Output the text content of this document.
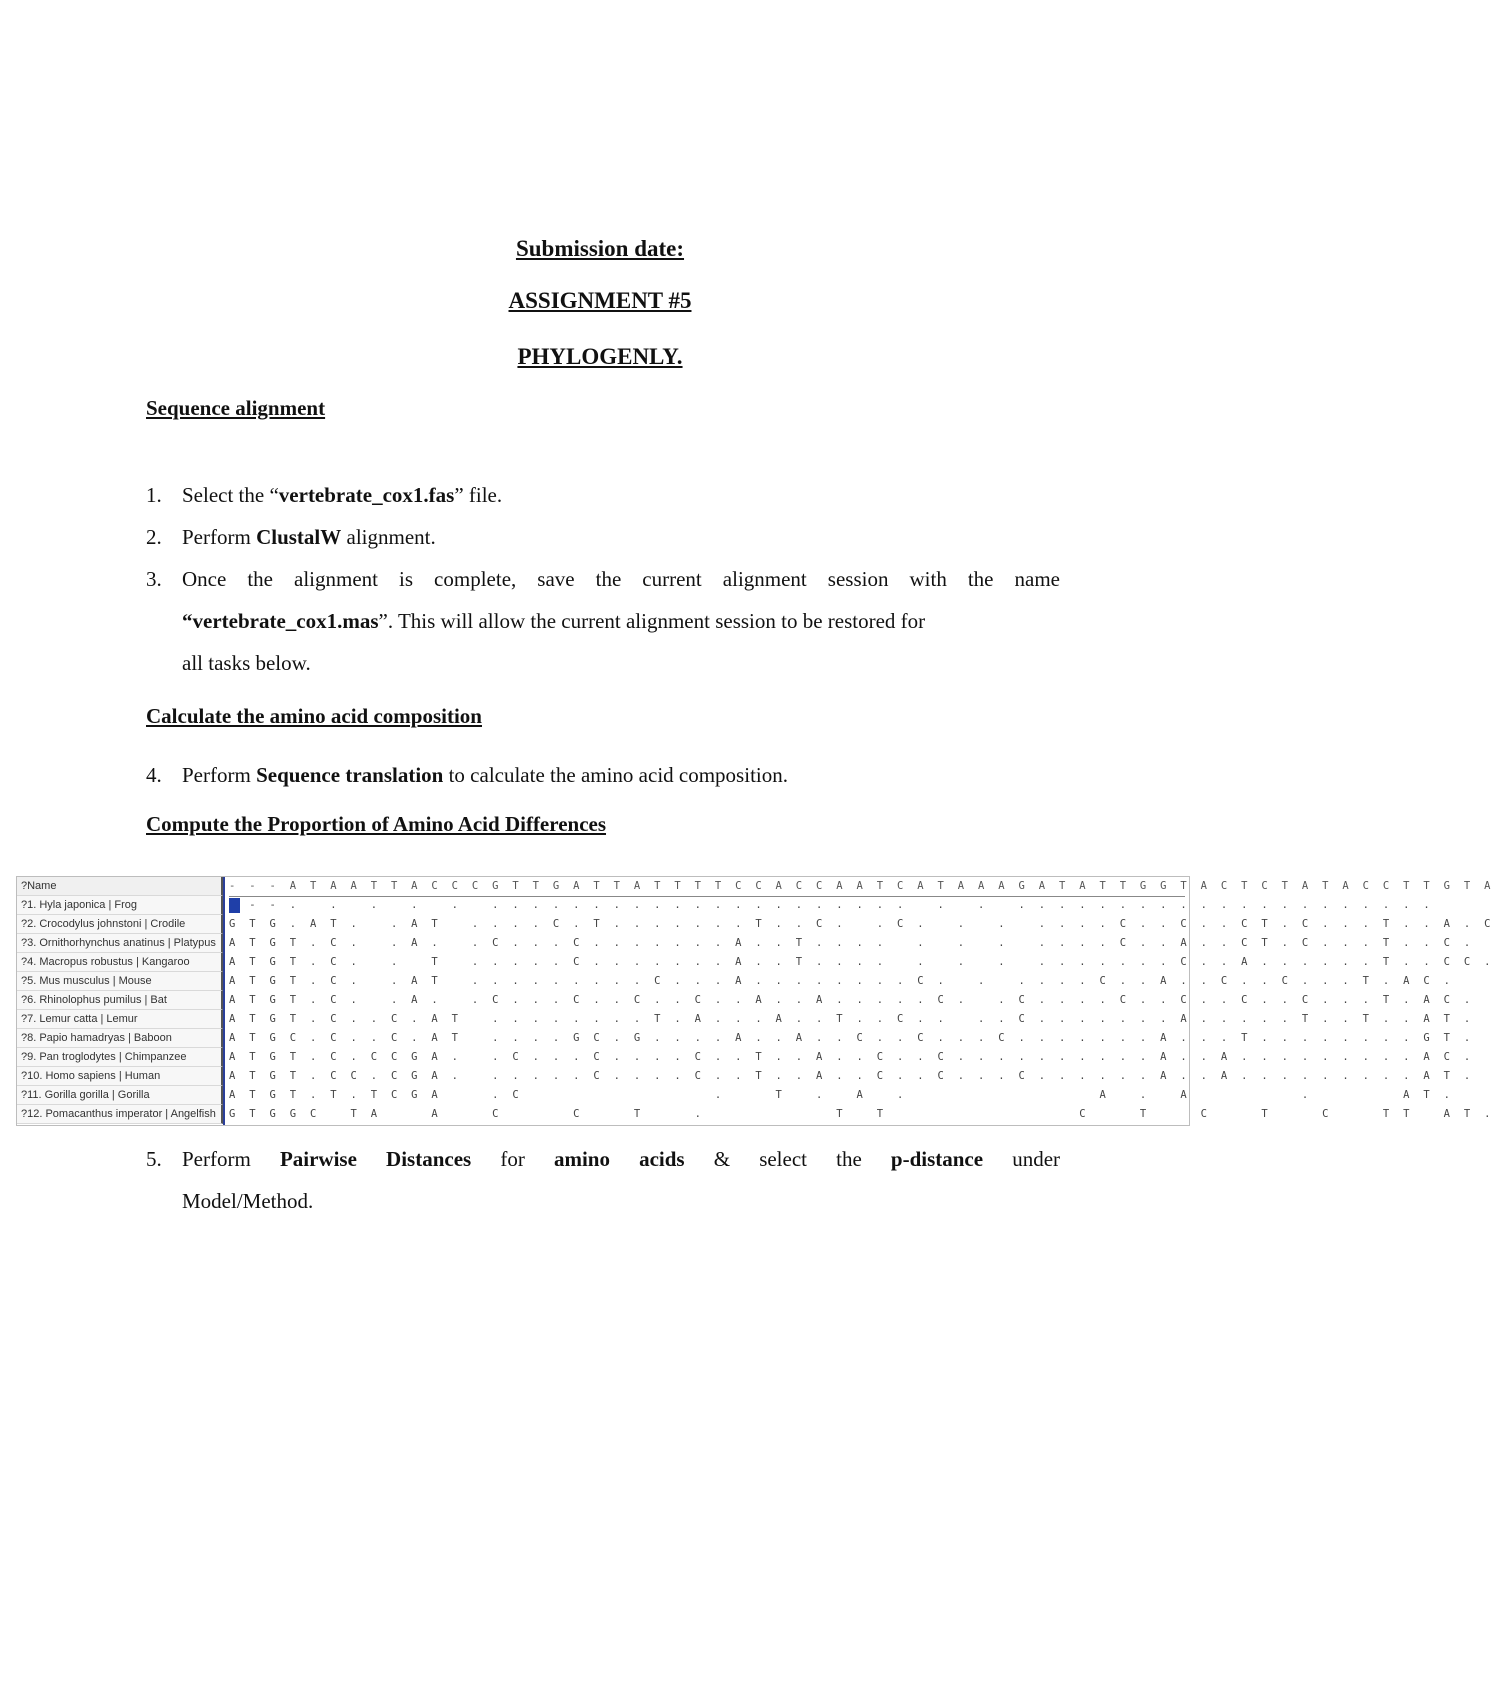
Submission date:
ASSIGNMENT #5
PHYLOGENLY.
Sequence alignment
1. Select the “vertebrate_cox1.fas” file.
2. Perform ClustalW alignment.
3. Once the alignment is complete, save the current alignment session with the name
“vertebrate_cox1.mas”. This will allow the current alignment session to be restored for
all tasks below.
Calculate the amino acid composition
4. Perform Sequence translation to calculate the amino acid composition.
Compute the Proportion of Amino Acid Differences
?Name	- - - A T A A T T A C C C G T T G A T T A T T T T C C A C C A A T C A T A A A G A T A T T G G T A C T C T A T A C C T T G T A
?1. Hyla japonica | Frog	- - .   .   .   .   .   . . . . . . . . . . . . . . . . . . . . .   .   .   . . . . . . . . . . . . . . . . . . . . .
?2. Crocodylus johnstoni | Crodile	G T G . A T .   . A T   . . . . C . T . . . . . . . T . . C .   . C .   .   .   . . . . C . . C . . C T . C . . . T . . A . C
?3. Ornithorhynchus anatinus | Platypus	A T G T . C .   . A .   . C . . . C . . . . . . . A . . T . . . .   .   .   .   . . . . C . . A . . C T . C . . . T . . C .
?4. Macropus robustus | Kangaroo	A T G T . C .   .   T   . . . . . C . . . . . . . A . . T . . . .   .   .   .   . . . . . . . C . . A . . . . . . T . . C C .
?5. Mus musculus | Mouse	A T G T . C .   . A T   . . . . . . . . . C . . . A . . . . . . . . C .   .   . . . . C . . A . . C . . C . . . T . A C .
?6. Rhinolophus pumilus | Bat	A T G T . C .   . A .   . C . . . C . . C . . C . . A . . A . . . . . C .   . C . . . . C . . C . . C . . C . . . T . A C .
?7. Lemur catta | Lemur	A T G T . C . . C . A T   . . . . . . . . T . A . . . A . . T . . C . .   . . C . . . . . . . A . . . . . T . . T . . A T .
?8. Papio hamadryas | Baboon	A T G C . C . . C . A T   . . . . G C . G . . . . A . . A . . C . . C . . . C . . . . . . . A . . . T . . . . . . . . G T .
?9. Pan troglodytes | Chimpanzee	A T G T . C . C C G A .   . C . . . C . . . . C . . T . . A . . C . . C . . . . . . . . . . A . . A . . . . . . . . . A C .
?10. Homo sapiens | Human	A T G T . C C . C G A .   . . . . . C . . . . C . . T . . A . . C . . C . . . C . . . . . . A . . A . . . . . . . . . A T .
?11. Gorilla gorilla | Gorilla	A T G T . T . T C G A     . C                   .     T   .   A   .                   A   .   A           .         A T .
?12. Pomacanthus imperator | Angelfish	G T G G C   T A     A     C       C     T     .             T   T                   C     T     C     T     C     T T   A T .
5. Perform Pairwise Distances for amino acids & select the p-distance under
Model/Method.
